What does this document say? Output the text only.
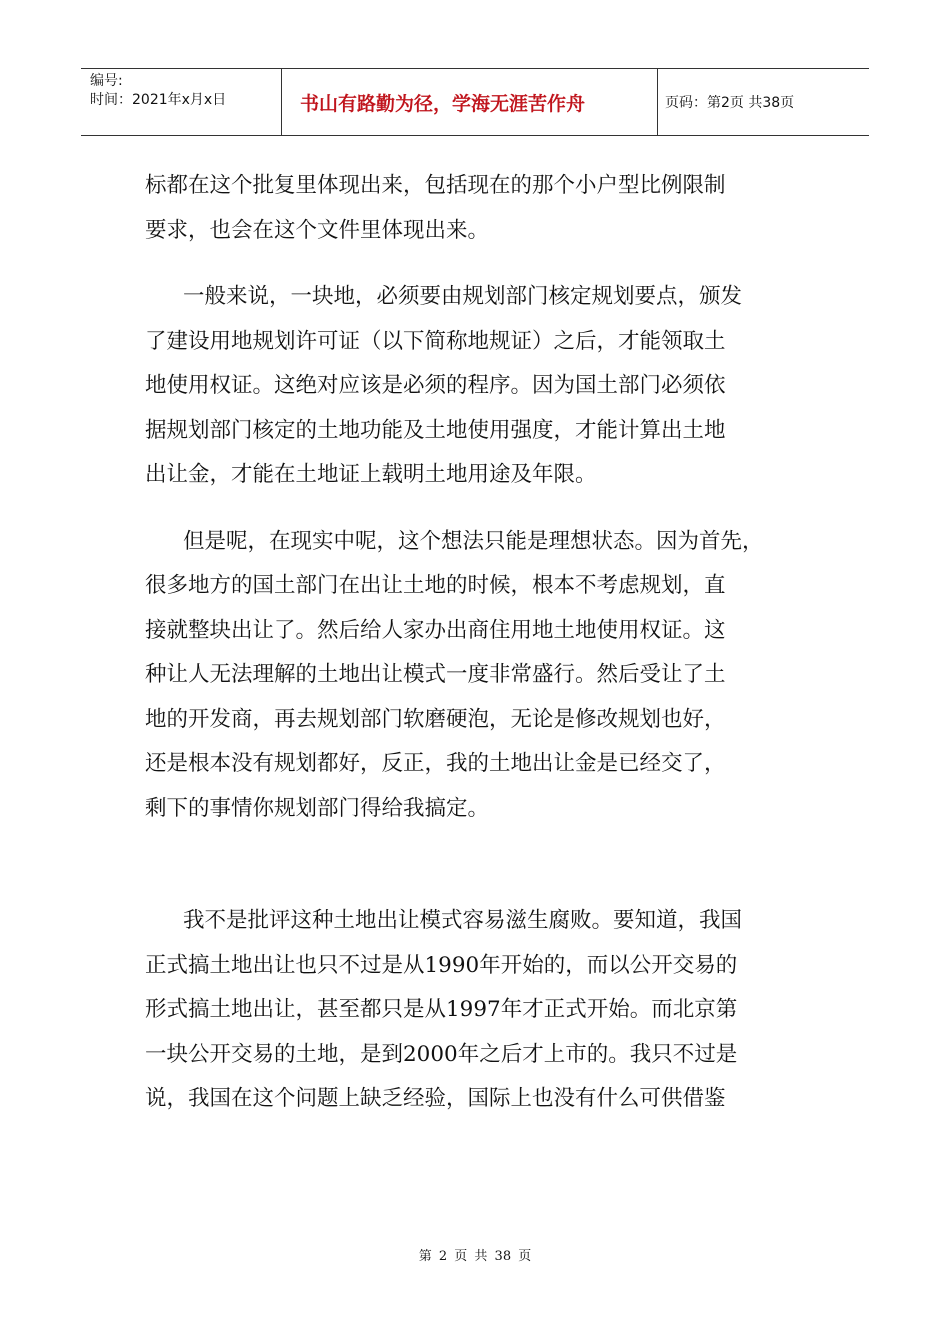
编号:
时间：2021年x月x日	书山有路勤为径，学海无涯苦作舟	页码：第2页 共38页
标都在这个批复里体现出来，包括现在的那个小户型比例限制
要求，也会在这个文件里体现出来。
一般来说，一块地，必须要由规划部门核定规划要点，颁发
了建设用地规划许可证（以下简称地规证）之后，才能领取土
地使用权证。这绝对应该是必须的程序。因为国土部门必须依
据规划部门核定的土地功能及土地使用强度，才能计算出土地
出让金，才能在土地证上载明土地用途及年限。
但是呢，在现实中呢，这个想法只能是理想状态。因为首先，
很多地方的国土部门在出让土地的时候，根本不考虑规划，直
接就整块出让了。然后给人家办出商住用地土地使用权证。这
种让人无法理解的土地出让模式一度非常盛行。然后受让了土
地的开发商，再去规划部门软磨硬泡，无论是修改规划也好，
还是根本没有规划都好，反正，我的土地出让金是已经交了，
剩下的事情你规划部门得给我搞定。
我不是批评这种土地出让模式容易滋生腐败。要知道，我国
正式搞土地出让也只不过是从1990年开始的，而以公开交易的
形式搞土地出让，甚至都只是从1997年才正式开始。而北京第
一块公开交易的土地，是到2000年之后才上市的。我只不过是
说，我国在这个问题上缺乏经验，国际上也没有什么可供借鉴
第 2 页 共 38 页
